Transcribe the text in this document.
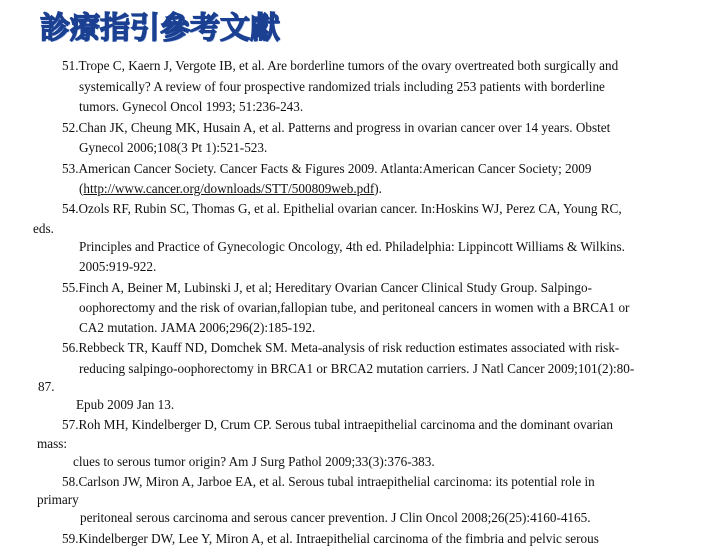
診療指引參考文獻
51.Trope C, Kaern J, Vergote IB, et al. Are borderline tumors of the ovary overtreated both surgically and
systemically? A review of four prospective randomized trials including 253 patients with borderline
tumors. Gynecol Oncol 1993; 51:236-243.
52.Chan JK, Cheung MK, Husain A, et al. Patterns and progress in ovarian cancer over 14 years. Obstet
Gynecol 2006;108(3 Pt 1):521-523.
53.American Cancer Society. Cancer Facts & Figures 2009. Atlanta:American Cancer Society; 2009
(http://www.cancer.org/downloads/STT/500809web.pdf).
54.Ozols RF, Rubin SC, Thomas G, et al. Epithelial ovarian cancer. In:Hoskins WJ, Perez CA, Young RC,
eds.
Principles and Practice of Gynecologic Oncology, 4th ed. Philadelphia: Lippincott Williams & Wilkins.
2005:919-922.
55.Finch A, Beiner M, Lubinski J, et al; Hereditary Ovarian Cancer Clinical Study Group. Salpingo-
oophorectomy and the risk of ovarian,fallopian tube, and peritoneal cancers in women with a BRCA1 or
CA2 mutation. JAMA 2006;296(2):185-192.
56.Rebbeck TR, Kauff ND, Domchek SM. Meta-analysis of risk reduction estimates associated with risk-
reducing salpingo-oophorectomy in BRCA1 or BRCA2 mutation carriers. J Natl Cancer 2009;101(2):80-
87.
Epub 2009 Jan 13.
57.Roh MH, Kindelberger D, Crum CP. Serous tubal intraepithelial carcinoma and the dominant ovarian
mass:
clues to serous tumor origin? Am J Surg Pathol 2009;33(3):376-383.
58.Carlson JW, Miron A, Jarboe EA, et al. Serous tubal intraepithelial carcinoma: its potential role in
primary
peritoneal serous carcinoma and serous cancer prevention. J Clin Oncol 2008;26(25):4160-4165.
59.Kindelberger DW, Lee Y, Miron A, et al. Intraepithelial carcinoma of the fimbria and pelvic serous
